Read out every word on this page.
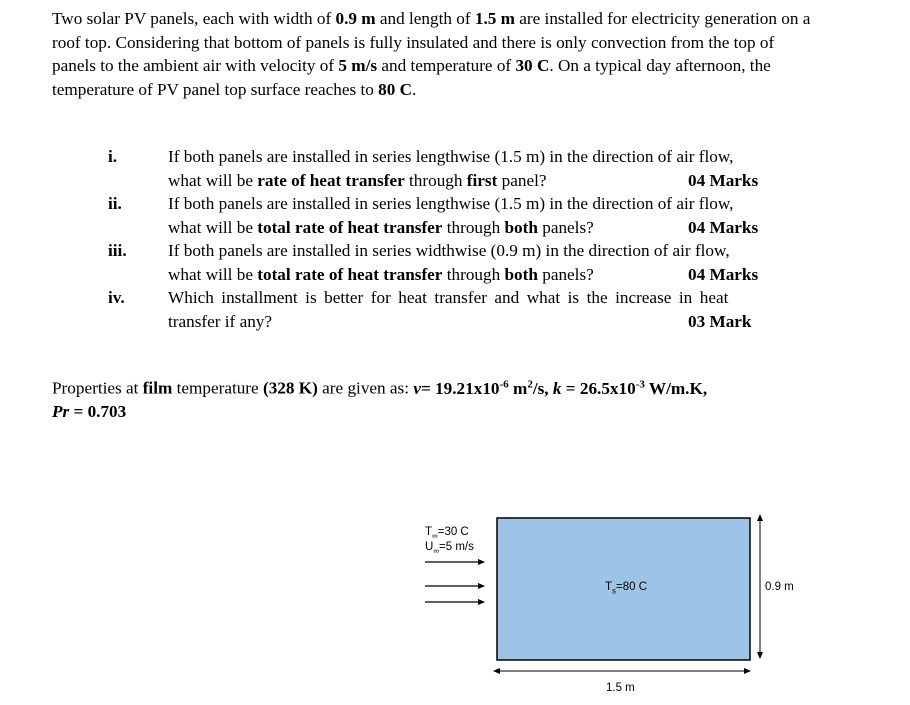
Two solar PV panels, each with width of 0.9 m and length of 1.5 m are installed for electricity generation on a roof top. Considering that bottom of panels is fully insulated and there is only convection from the top of panels to the ambient air with velocity of 5 m/s and temperature of 30 C. On a typical day afternoon, the temperature of PV panel top surface reaches to 80 C.

i.	If both panels are installed in series lengthwise (1.5 m) in the direction of air flow,
what will be rate of heat transfer through first panel?	04 Marks
ii.	If both panels are installed in series lengthwise (1.5 m) in the direction of air flow,
what will be total rate of heat transfer through both panels?	04 Marks
iii. If both panels are installed in series widthwise (0.9 m) in the direction of air flow,
what will be total rate of heat transfer through both panels?	04 Marks
iv.	Which installment is better for heat transfer and what is the increase in heat
transfer if any?	03 Mark

Properties at film temperature (328 K) are given as: $\nu= 19.21x10^{-6}$ $m^2/s$, $k = 26.5x10^{-3}$ W/m.K,
Pr = 0.703

$T_\infty=30$ C
$U_\infty=5$ m/s
$T_s=80$ C	0.9 m
1.5 m
